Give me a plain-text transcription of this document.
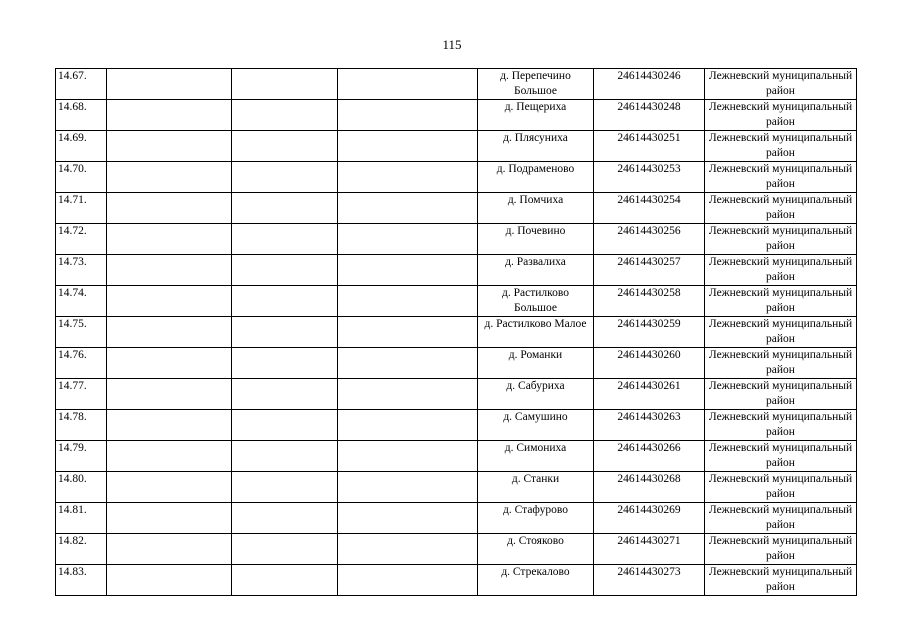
115
14.67.				д. Перепечино Большое	24614430246	Лежневский муниципальный район
14.68.				д. Пещериха	24614430248	Лежневский муниципальный район
14.69.				д. Плясуниха	24614430251	Лежневский муниципальный район
14.70.				д. Подраменово	24614430253	Лежневский муниципальный район
14.71.				д. Помчиха	24614430254	Лежневский муниципальный район
14.72.				д. Почевино	24614430256	Лежневский муниципальный район
14.73.				д. Развалиха	24614430257	Лежневский муниципальный район
14.74.				д. Растилково Большое	24614430258	Лежневский муниципальный район
14.75.				д. Растилково Малое	24614430259	Лежневский муниципальный район
14.76.				д. Романки	24614430260	Лежневский муниципальный район
14.77.				д. Сабуриха	24614430261	Лежневский муниципальный район
14.78.				д. Самушино	24614430263	Лежневский муниципальный район
14.79.				д. Симониха	24614430266	Лежневский муниципальный район
14.80.				д. Станки	24614430268	Лежневский муниципальный район
14.81.				д. Стафурово	24614430269	Лежневский муниципальный район
14.82.				д. Стояково	24614430271	Лежневский муниципальный район
14.83.				д. Стрекалово	24614430273	Лежневский муниципальный район
